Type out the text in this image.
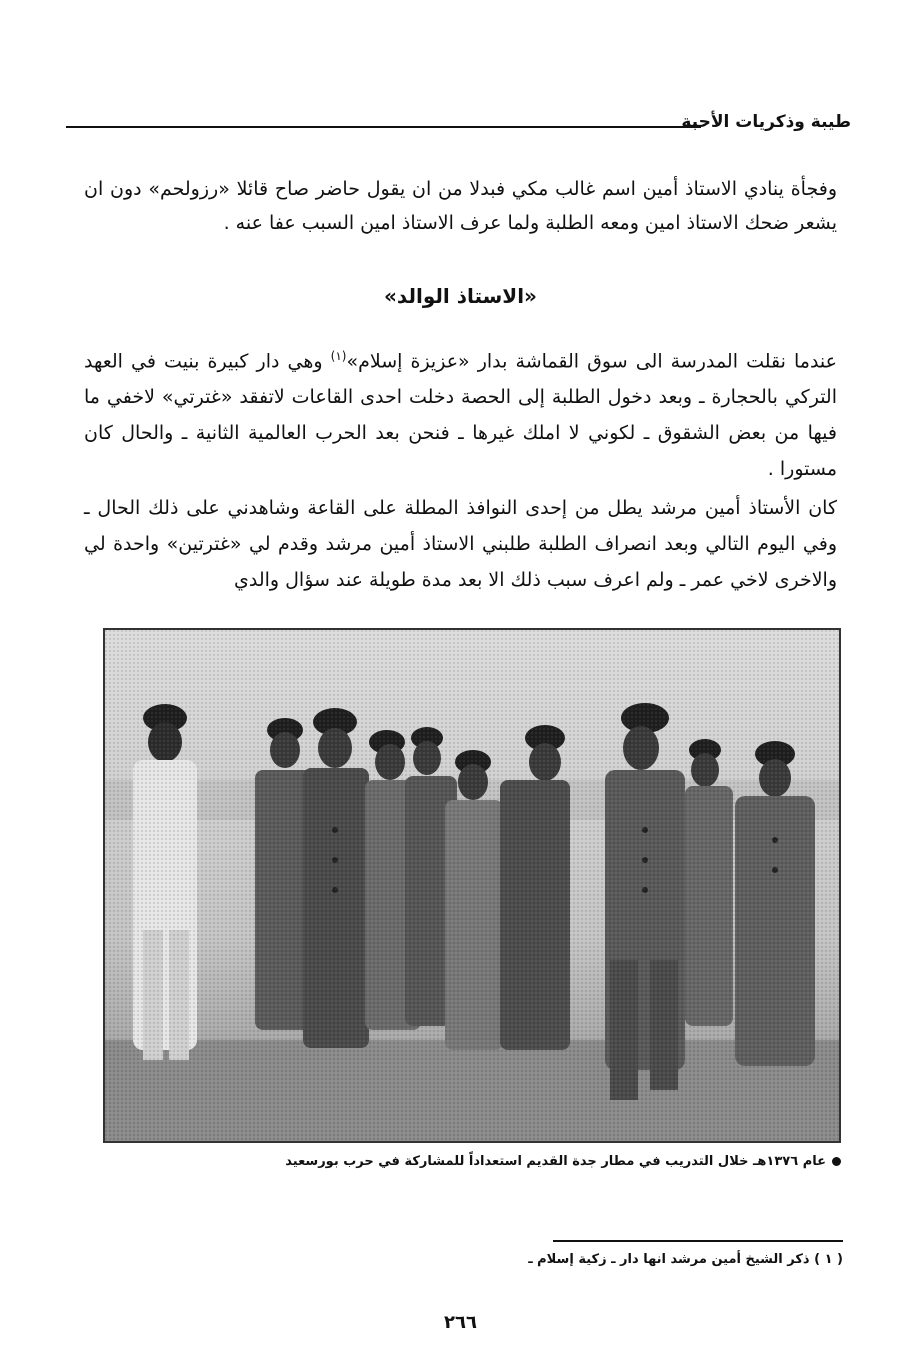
طيبة وذكريات الأحبة

وفجأة ينادي الاستاذ أمين اسم غالب مكي فبدلا من ان يقول حاضر صاح قائلا «رزولحم» دون ان يشعر ضحك الاستاذ امين ومعه الطلبة ولما عرف الاستاذ امين السبب عفا عنه .

«الاستاذ الوالد»

عندما نقلت المدرسة الى سوق القماشة بدار «عزيزة إسلام»$^{(١)}$ وهي دار كبيرة بنيت في العهد التركي بالحجارة ـ وبعد دخول الطلبة إلى الحصة دخلت احدى القاعات لاتفقد «غترتي» لاخفي ما فيها من بعض الشقوق ـ لكوني لا املك غيرها ـ فنحن بعد الحرب العالمية الثانية ـ والحال كان مستورا .

كان الأستاذ أمين مرشد يطل من إحدى النوافذ المطلة على القاعة وشاهدني على ذلك الحال ـ وفي اليوم التالي وبعد انصراف الطلبة طلبني الاستاذ أمين مرشد وقدم لي «غترتين» واحدة لي والاخرى لاخي عمر ـ ولم اعرف سبب ذلك الا بعد مدة طويلة عند سؤال والدي

عام ١٣٧٦هـ خلال التدريب في مطار جدة القديم استعداداً للمشاركة في حرب بورسعيد
( ١ ) ذكر الشيخ أمين مرشد انها دار ـ زكية إسلام ـ
٢٦٦
